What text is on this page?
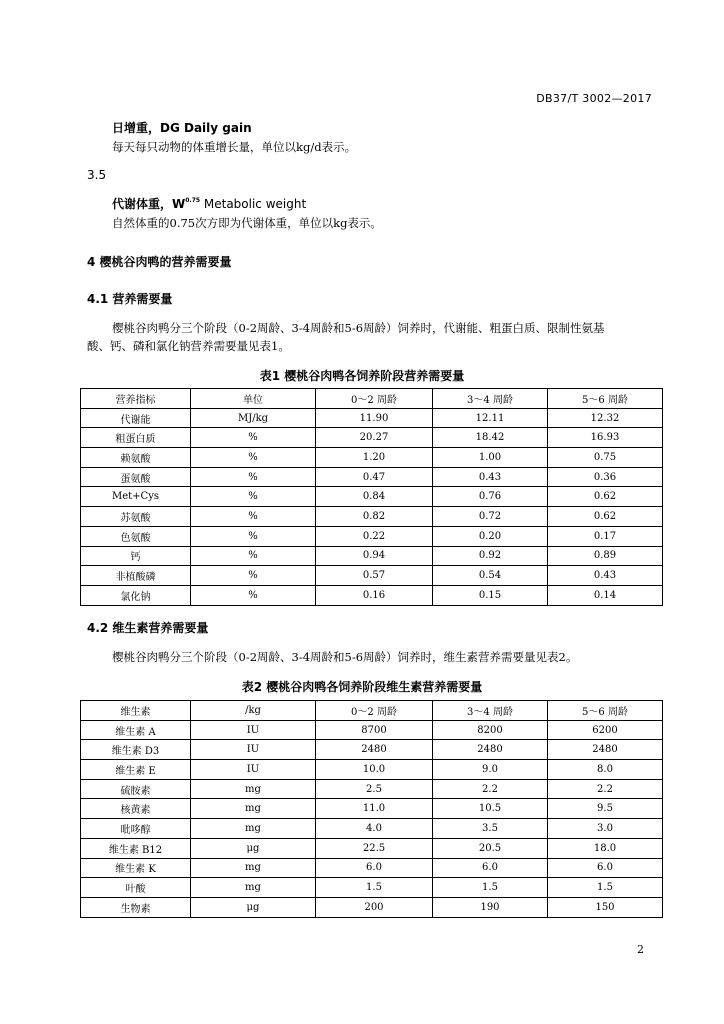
DB37/T 3002—2017
日增重，DG Daily gain
每天每只动物的体重增长量，单位以kg/d表示。
3.5
代谢体重，$W^{0.75}$ Metabolic weight
自然体重的0.75次方即为代谢体重，单位以kg表示。
4 樱桃谷肉鸭的营养需要量
4.1 营养需要量
樱桃谷肉鸭分三个阶段（0-2周龄、3-4周龄和5-6周龄）饲养时，代谢能、粗蛋白质、限制性氨基
酸、钙、磷和氯化钠营养需要量见表1。
表1 樱桃谷肉鸭各饲养阶段营养需要量
营养指标	单位	0～2 周龄	3～4 周龄	5～6 周龄
代谢能	MJ/kg	11.90	12.11	12.32
粗蛋白质	%	20.27	18.42	16.93
赖氨酸	%	1.20	1.00	0.75
蛋氨酸	%	0.47	0.43	0.36
Met+Cys	%	0.84	0.76	0.62
苏氨酸	%	0.82	0.72	0.62
色氨酸	%	0.22	0.20	0.17
钙	%	0.94	0.92	0.89
非植酸磷	%	0.57	0.54	0.43
氯化钠	%	0.16	0.15	0.14
4.2 维生素营养需要量
樱桃谷肉鸭分三个阶段（0-2周龄、3-4周龄和5-6周龄）饲养时，维生素营养需要量见表2。
表2 樱桃谷肉鸭各饲养阶段维生素营养需要量
维生素	/kg	0～2 周龄	3～4 周龄	5～6 周龄
维生素 A	IU	8700	8200	6200
维生素 D3	IU	2480	2480	2480
维生素 E	IU	10.0	9.0	8.0
硫胺素	mg	2.5	2.2	2.2
核黄素	mg	11.0	10.5	9.5
吡哆醇	mg	4.0	3.5	3.0
维生素 B12	μg	22.5	20.5	18.0
维生素 K	mg	6.0	6.0	6.0
叶酸	mg	1.5	1.5	1.5
生物素	μg	200	190	150
2
